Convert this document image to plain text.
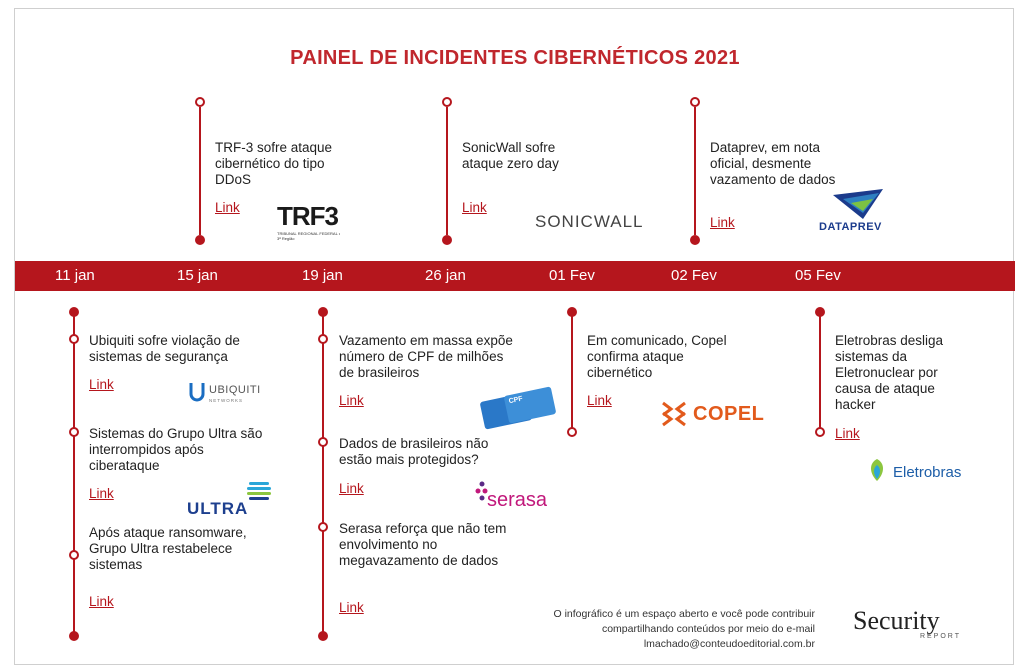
PAINEL DE INCIDENTES CIBERNÉTICOS 2021
TRF-3 sofre ataque cibernético do tipo DDoS
Link TRF3
TRIBUNAL REGIONAL FEDERAL • 3ª Região
SonicWall sofre ataque zero day
Link
SONICWALL
Dataprev, em nota oficial, desmente vazamento de dados
Link	DATAPREV
11 jan	15 jan	19 jan	26 jan	01 Fev	02 Fev	05 Fev
Ubiquiti sofre violação de sistemas de segurança
Link	UBIQUITI
NETWORKS
Sistemas do Grupo Ultra são interrompidos após ciberataque
Link
ULTRA
Após ataque ransomware, Grupo Ultra restabelece sistemas
Link
Vazamento em massa expõe número de CPF de milhões de brasileiros
Link	CPF
Dados de brasileiros não estão mais protegidos?
Link
serasa
Serasa reforça que não tem envolvimento no megavazamento de dados
Link
Em comunicado, Copel confirma ataque cibernético
Link
COPEL
Eletrobras desliga sistemas da Eletronuclear por causa de ataque hacker
Link
Eletrobras
O infográfico é um espaço aberto e você pode contribuir
compartilhando conteúdos por meio do e-mail
lmachado@conteudoeditorial.com.br
Security
REPORT
